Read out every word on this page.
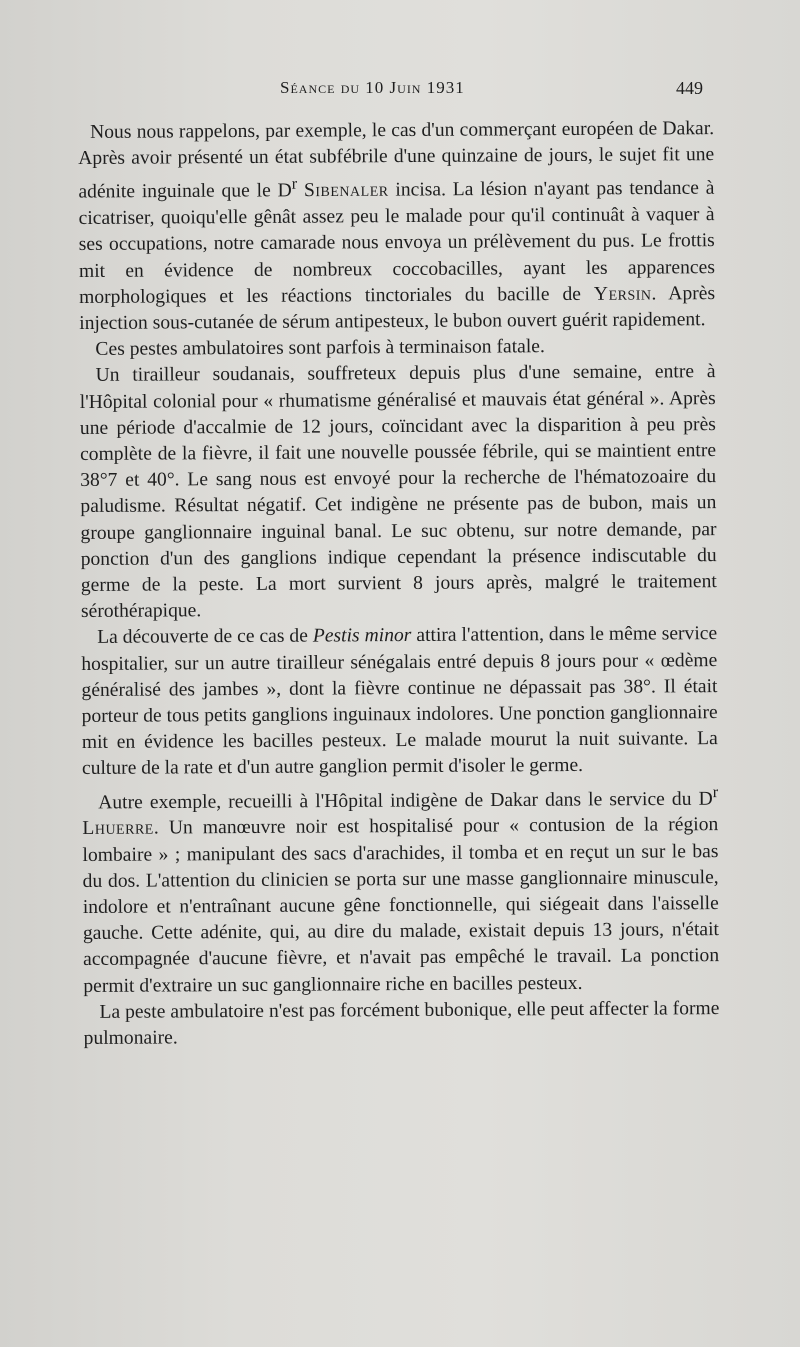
Séance du 10 Juin 1931	449

Nous nous rappelons, par exemple, le cas d'un commerçant européen de Dakar. Après avoir présenté un état subfébrile d'une quinzaine de jours, le sujet fit une adénite inguinale que le $D^r$ Sibenaler incisa. La lésion n'ayant pas tendance à cicatriser, quoiqu'elle gênât assez peu le malade pour qu'il continuât à vaquer à ses occupations, notre camarade nous envoya un prélèvement du pus. Le frottis mit en évidence de nombreux coccobacilles, ayant les apparences morphologiques et les réactions tinctoriales du bacille de Yersin. Après injection sous-cutanée de sérum antipesteux, le bubon ouvert guérit rapidement.

Ces pestes ambulatoires sont parfois à terminaison fatale.

Un tirailleur soudanais, souffreteux depuis plus d'une semaine, entre à l'Hôpital colonial pour « rhumatisme généralisé et mauvais état général ». Après une période d'accalmie de 12 jours, coïncidant avec la disparition à peu près complète de la fièvre, il fait une nouvelle poussée fébrile, qui se maintient entre 38°7 et 40°. Le sang nous est envoyé pour la recherche de l'hématozoaire du paludisme. Résultat négatif. Cet indigène ne présente pas de bubon, mais un groupe ganglionnaire inguinal banal. Le suc obtenu, sur notre demande, par ponction d'un des ganglions indique cependant la présence indiscutable du germe de la peste. La mort survient 8 jours après, malgré le traitement sérothérapique.

La découverte de ce cas de Pestis minor attira l'attention, dans le même service hospitalier, sur un autre tirailleur sénégalais entré depuis 8 jours pour « œdème généralisé des jambes », dont la fièvre continue ne dépassait pas 38°. Il était porteur de tous petits ganglions inguinaux indolores. Une ponction ganglionnaire mit en évidence les bacilles pesteux. Le malade mourut la nuit suivante. La culture de la rate et d'un autre ganglion permit d'isoler le germe.

Autre exemple, recueilli à l'Hôpital indigène de Dakar dans le service du $D^r$ Lhuerre. Un manœuvre noir est hospitalisé pour « contusion de la région lombaire » ; manipulant des sacs d'arachides, il tomba et en reçut un sur le bas du dos. L'attention du clinicien se porta sur une masse ganglionnaire minuscule, indolore et n'entraînant aucune gêne fonctionnelle, qui siégeait dans l'aisselle gauche. Cette adénite, qui, au dire du malade, existait depuis 13 jours, n'était accompagnée d'aucune fièvre, et n'avait pas empêché le travail. La ponction permit d'extraire un suc ganglionnaire riche en bacilles pesteux.

La peste ambulatoire n'est pas forcément bubonique, elle peut affecter la forme pulmonaire.
